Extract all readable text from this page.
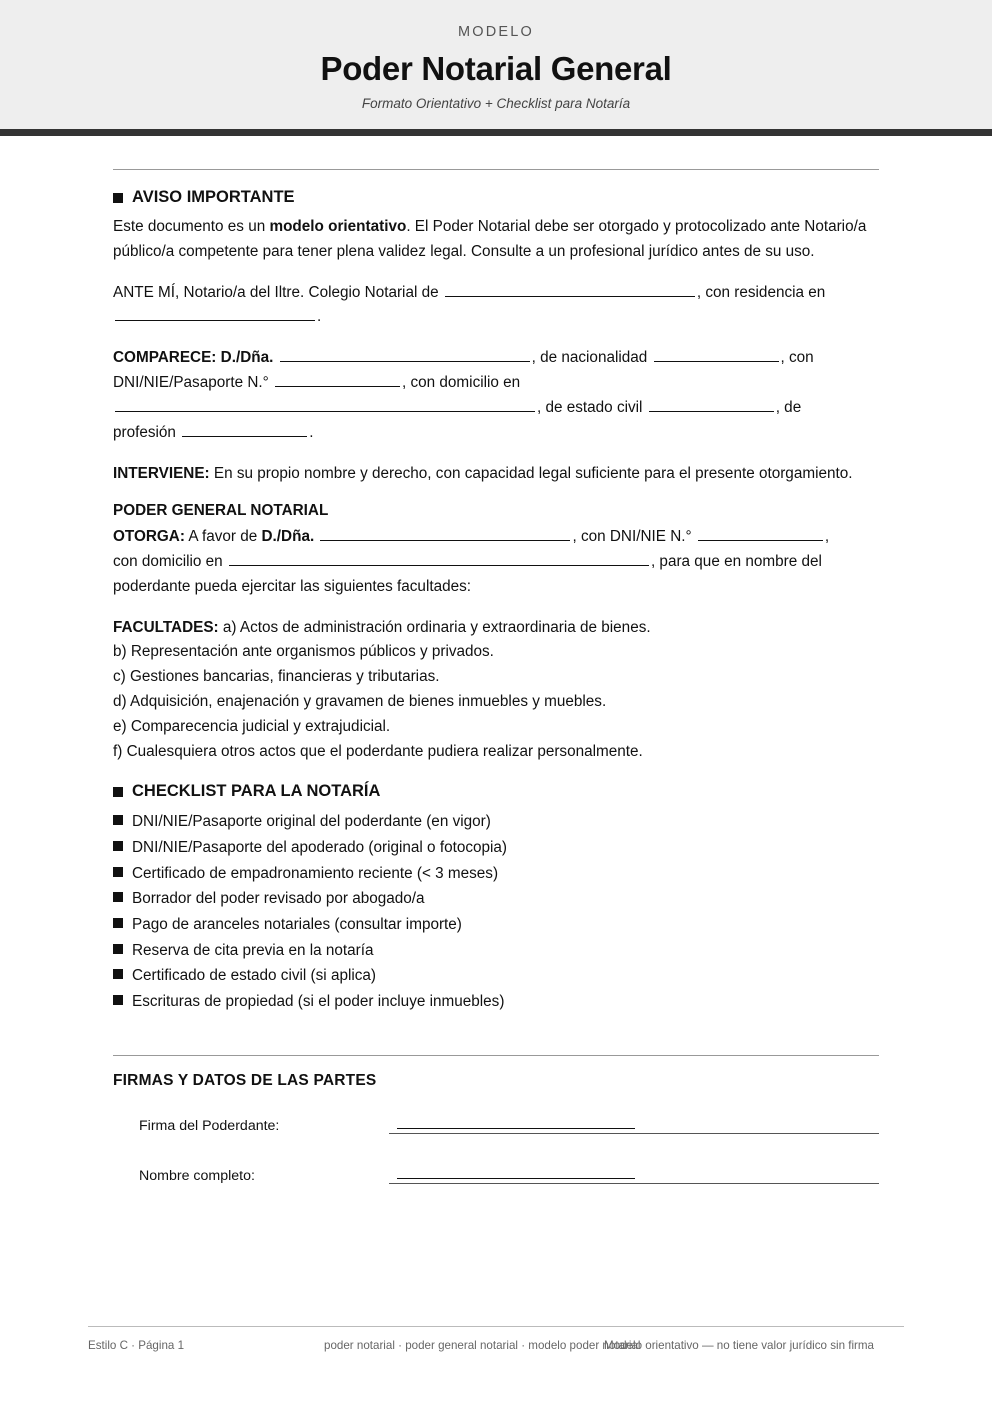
MODELO

Poder Notarial General

Formato Orientativo + Checklist para Notaría

AVISO IMPORTANTE

Este documento es un modelo orientativo. El Poder Notarial debe ser otorgado y protocolizado ante Notario/a público/a competente para tener plena validez legal. Consulte a un profesional jurídico antes de su uso.

ANTE MÍ, Notario/a del Iltre. Colegio Notarial de	, con residencia en
.

COMPARECE: D./Dña.	, de nacionalidad	, con
DNI/NIE/Pasaporte N.°	, con domicilio en
, de estado civil	, de
profesión	.

INTERVIENE: En su propio nombre y derecho, con capacidad legal suficiente para el presente otorgamiento.

PODER GENERAL NOTARIAL

OTORGA: A favor de D./Dña.	, con DNI/NIE N.°	,
con domicilio en	, para que en nombre del
poderdante pueda ejercitar las siguientes facultades:

FACULTADES: a) Actos de administración ordinaria y extraordinaria de bienes.
b) Representación ante organismos públicos y privados.
c) Gestiones bancarias, financieras y tributarias.
d) Adquisición, enajenación y gravamen de bienes inmuebles y muebles.
e) Comparecencia judicial y extrajudicial.
f) Cualesquiera otros actos que el poderdante pudiera realizar personalmente.
CHECKLIST PARA LA NOTARÍA
DNI/NIE/Pasaporte original del poderdante (en vigor)
DNI/NIE/Pasaporte del apoderado (original o fotocopia)
Certificado de empadronamiento reciente (< 3 meses)
Borrador del poder revisado por abogado/a
Pago de aranceles notariales (consultar importe)
Reserva de cita previa en la notaría
Certificado de estado civil (si aplica)
Escrituras de propiedad (si el poder incluye inmuebles)

FIRMAS Y DATOS DE LAS PARTES

Firma del Poderdante:
Nombre completo:
Estilo C · Página 1	poder notarial · poder general notarial · modelo poder notarial
Modelo orientativo — no tiene valor jurídico sin firma
